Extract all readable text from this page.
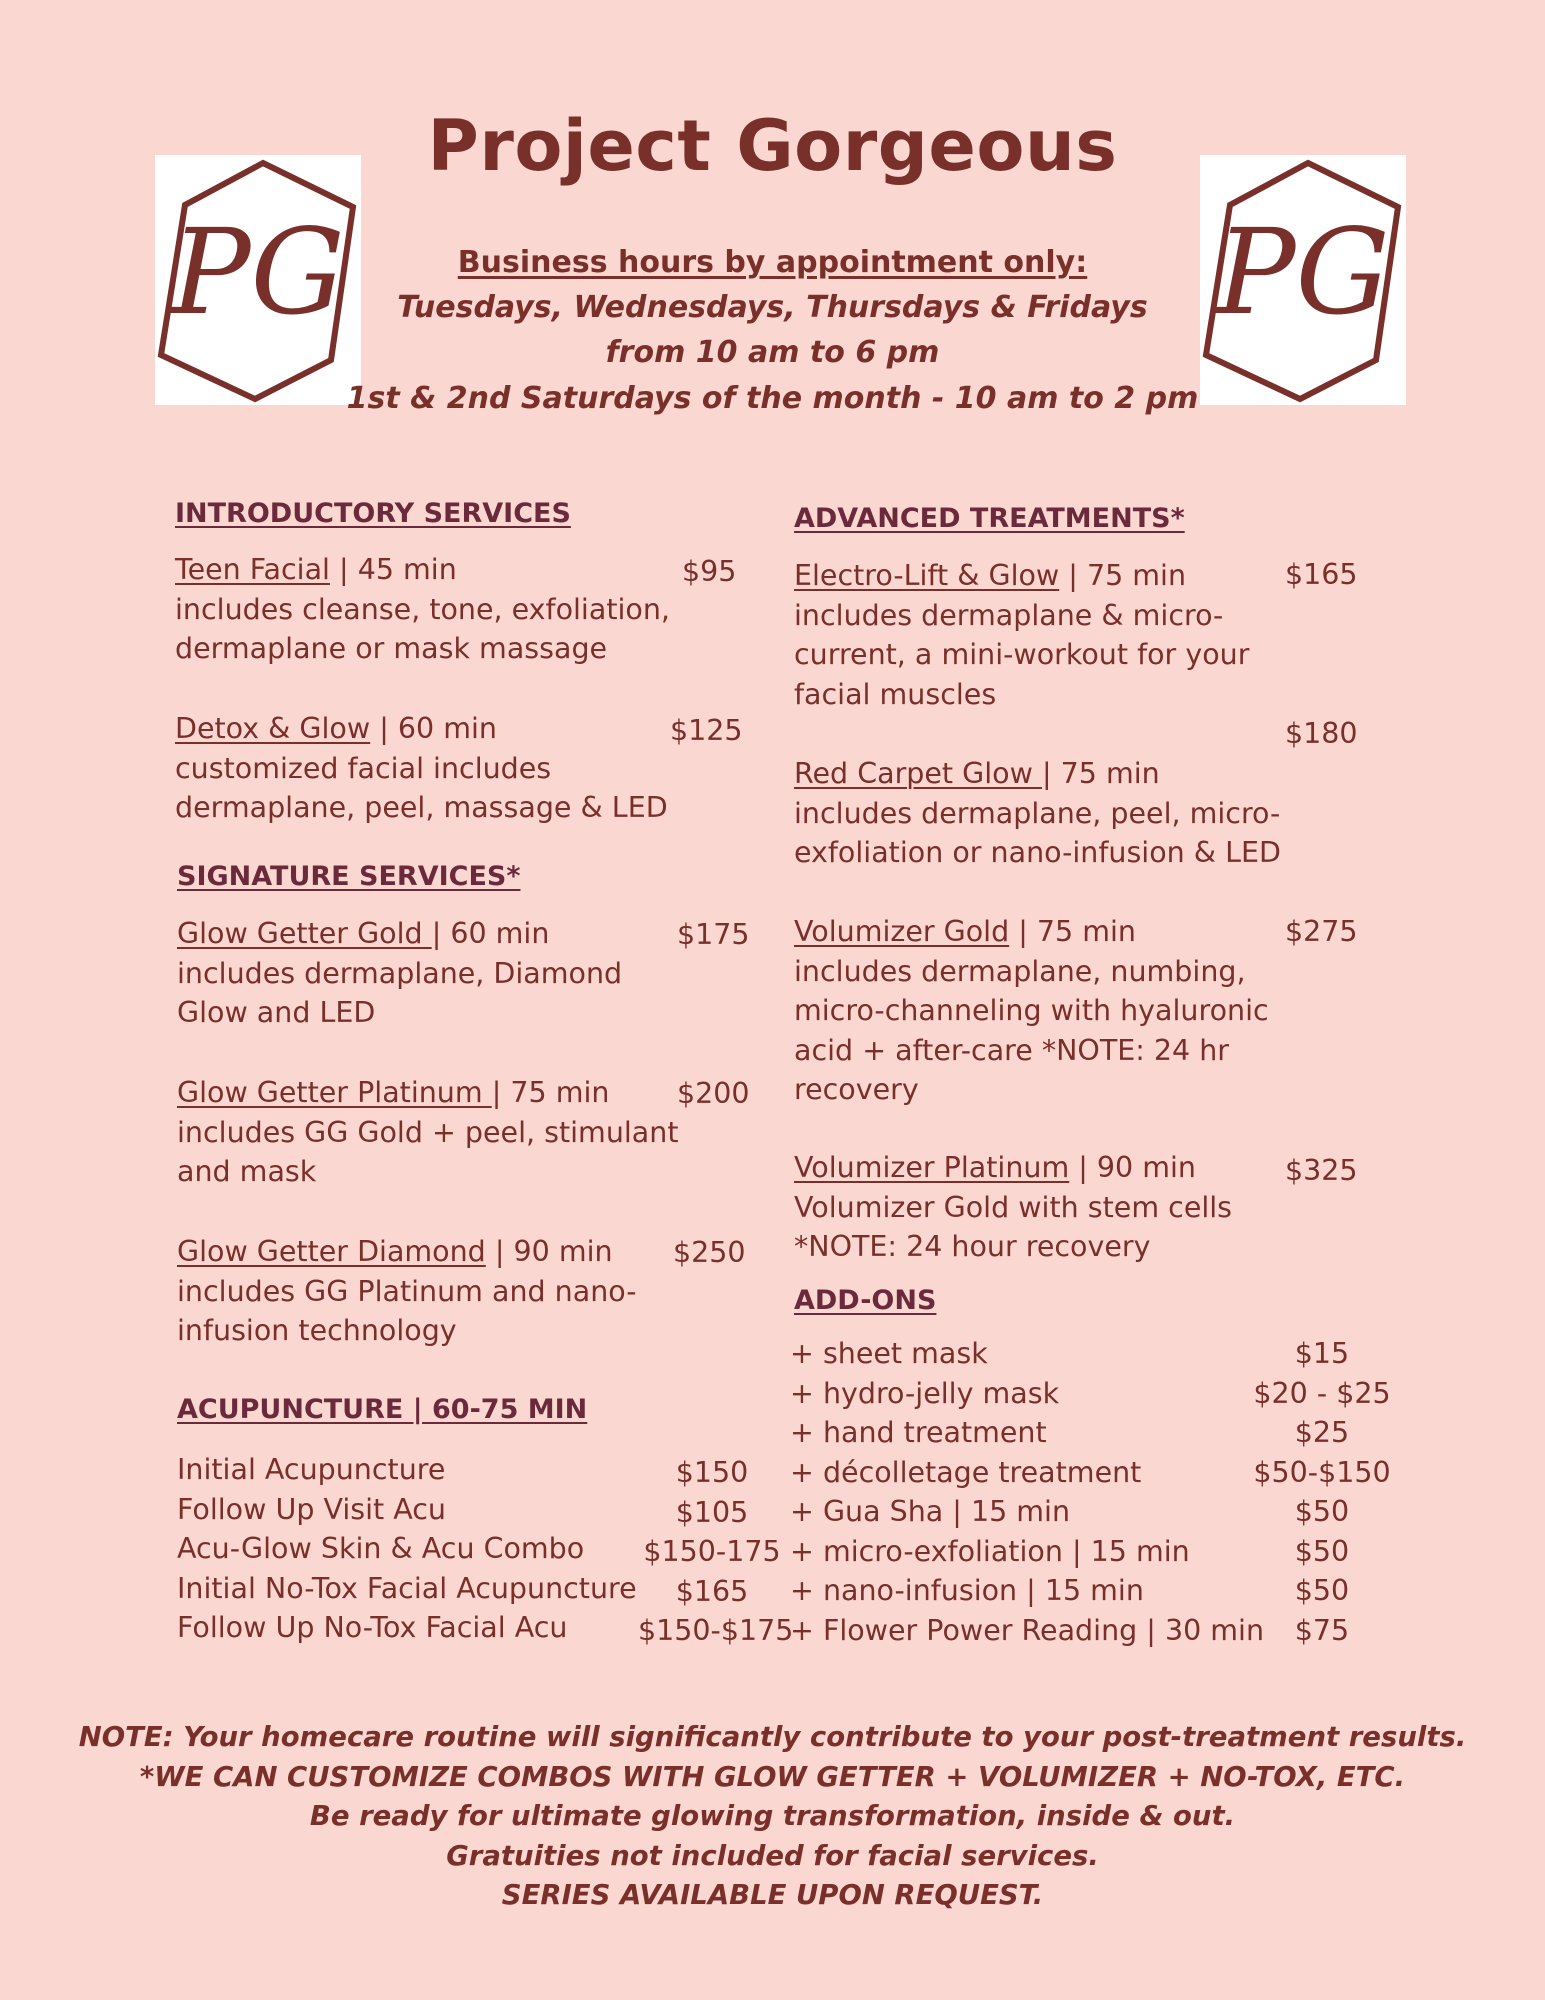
PG	PG
Project Gorgeous
Business hours by appointment only:
Tuesdays, Wednesdays, Thursdays & Fridays
from 10 am to 6 pm
1st & 2nd Saturdays of the month - 10 am to 2 pm
INTRODUCTORY SERVICES
Teen Facial | 45 min
includes cleanse, tone, exfoliation,
dermaplane or mask massage
$95
Detox & Glow | 60 min
customized facial includes
dermaplane, peel, massage & LED
$125
SIGNATURE SERVICES*
Glow Getter Gold | 60 min
includes dermaplane, Diamond
Glow and LED
$175
Glow Getter Platinum | 75 min
includes GG Gold + peel, stimulant
and mask
$200
Glow Getter Diamond | 90 min
includes GG Platinum and nano-
infusion technology
$250
ACUPUNCTURE | 60-75 MIN
Initial Acupuncture
Follow Up Visit Acu
Acu-Glow Skin & Acu Combo
Initial No-Tox Facial Acupuncture
Follow Up No-Tox Facial Acu
$150
$105
$150-175
$165
$150-$175
ADVANCED TREATMENTS*
Electro-Lift & Glow | 75 min
includes dermaplane & micro-
current, a mini-workout for your
facial muscles
$165
$180
Red Carpet Glow | 75 min
includes dermaplane, peel, micro-
exfoliation or nano-infusion & LED
Volumizer Gold | 75 min
includes dermaplane, numbing,
micro-channeling with hyaluronic
acid + after-care *NOTE: 24 hr
recovery
$275
Volumizer Platinum | 90 min
Volumizer Gold with stem cells
*NOTE: 24 hour recovery
$325
ADD-ONS
+ sheet mask
+ hydro-jelly mask
+ hand treatment
+ décolletage treatment
+ Gua Sha | 15 min
+ micro-exfoliation | 15 min
+ nano-infusion | 15 min
+ Flower Power Reading | 30 min
$15
$20 - $25
$25
$50-$150
$50
$50
$50
$75
NOTE: Your homecare routine will significantly contribute to your post-treatment results.
*WE CAN CUSTOMIZE COMBOS WITH GLOW GETTER + VOLUMIZER + NO-TOX, ETC.
Be ready for ultimate glowing transformation, inside & out.
Gratuities not included for facial services.
SERIES AVAILABLE UPON REQUEST.
